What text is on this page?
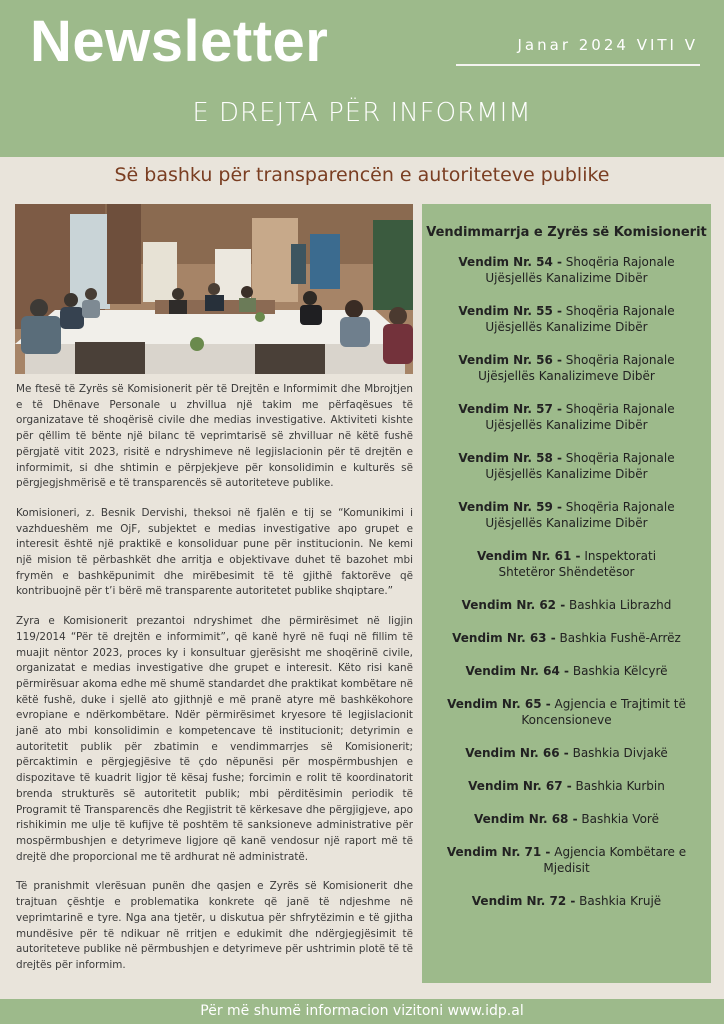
Newsletter	Janar 2024 VITI V
E DREJTA PËR INFORMIM
Së bashku për transparencën e autoriteteve publike

Me ftesë të Zyrës së Komisionerit për të Drejtën e Informimit dhe Mbrojtjen e të Dhënave Personale u zhvillua një takim me përfaqësues të organizatave të shoqërisë civile dhe medias investigative. Aktiviteti kishte për qëllim të bënte një bilanc të veprimtarisë së zhvilluar në këtë fushë përgjatë vitit 2023, risitë e ndryshimeve në legjislacionin për të drejtën e informimit, si dhe shtimin e përpjekjeve për konsolidimin e kulturës së përgjegjshmërisë e të transparencës së autoriteteve publike.

Komisioneri, z. Besnik Dervishi, theksoi në fjalën e tij se “Komunikimi i vazhdueshëm me OjF, subjektet e medias investigative apo grupet e interesit është një praktikë e konsoliduar pune për institucionin. Ne kemi një mision të përbashkët dhe arritja e objektivave duhet të bazohet mbi frymën e bashkëpunimit dhe mirëbesimit të të gjithë faktorëve që kontribuojnë për t’i bërë më transparente autoritetet publike shqiptare.”

Zyra e Komisionerit prezantoi ndryshimet dhe përmirësimet në ligjin 119/2014 “Për të drejtën e informimit”, që kanë hyrë në fuqi në fillim të muajit nëntor 2023, proces ky i konsultuar gjerësisht me shoqërinë civile, organizatat e medias investigative dhe grupet e interesit. Këto risi kanë përmirësuar akoma edhe më shumë standardet dhe praktikat kombëtare në këtë fushë, duke i sjellë ato gjithnjë e më pranë atyre më bashkëkohore evropiane e ndërkombëtare. Ndër përmirësimet kryesore të legjislacionit janë ato mbi konsolidimin e kompetencave të institucionit; detyrimin e autoritetit publik për zbatimin e vendimmarrjes së Komisionerit; përcaktimin e përgjegjësive të çdo nëpunësi për mospërmbushjen e dispozitave të kuadrit ligjor të kësaj fushe; forcimin e rolit të koordinatorit brenda strukturës së autoritetit publik; mbi përditësimin periodik të Programit të Transparencës dhe Regjistrit të kërkesave dhe përgjigjeve, apo rishikimin me ulje të kufijve të poshtëm të sanksioneve administrative për mospërmbushjen e detyrimeve ligjore që kanë vendosur një raport më të drejtë dhe proporcional me të ardhurat në administratë.

Të pranishmit vlerësuan punën dhe qasjen e Zyrës së Komisionerit dhe trajtuan çështje e problematika konkrete që janë të ndjeshme në veprimtarinë e tyre. Nga ana tjetër, u diskutua për shfrytëzimin e të gjitha mundësive për të ndikuar në rritjen e edukimit dhe ndërgjegjësimit të autoriteteve publike në përmbushjen e detyrimeve për ushtrimin plotë të të drejtës për informim.

Vendimmarrja e Zyrës së Komisionerit
Vendim Nr. 54 - Shoqëria Rajonale Ujësjellës Kanalizime Dibër
Vendim Nr. 55 - Shoqëria Rajonale Ujësjellës Kanalizime Dibër
Vendim Nr. 56 - Shoqëria Rajonale Ujësjellës Kanalizimeve Dibër
Vendim Nr. 57 - Shoqëria Rajonale Ujësjellës Kanalizime Dibër
Vendim Nr. 58 - Shoqëria Rajonale Ujësjellës Kanalizime Dibër
Vendim Nr. 59 - Shoqëria Rajonale Ujësjellës Kanalizime Dibër
Vendim Nr. 61 - Inspektorati Shtetëror Shëndetësor
Vendim Nr. 62 - Bashkia Librazhd
Vendim Nr. 63 - Bashkia Fushë-Arrëz
Vendim Nr. 64 - Bashkia Këlcyrë
Vendim Nr. 65 - Agjencia e Trajtimit të Koncensioneve
Vendim Nr. 66 - Bashkia Divjakë
Vendim Nr. 67 - Bashkia Kurbin
Vendim Nr. 68 - Bashkia Vorë
Vendim Nr. 71 - Agjencia Kombëtare e Mjedisit
Vendim Nr. 72 - Bashkia Krujë
Për më shumë informacion vizitoni www.idp.al
